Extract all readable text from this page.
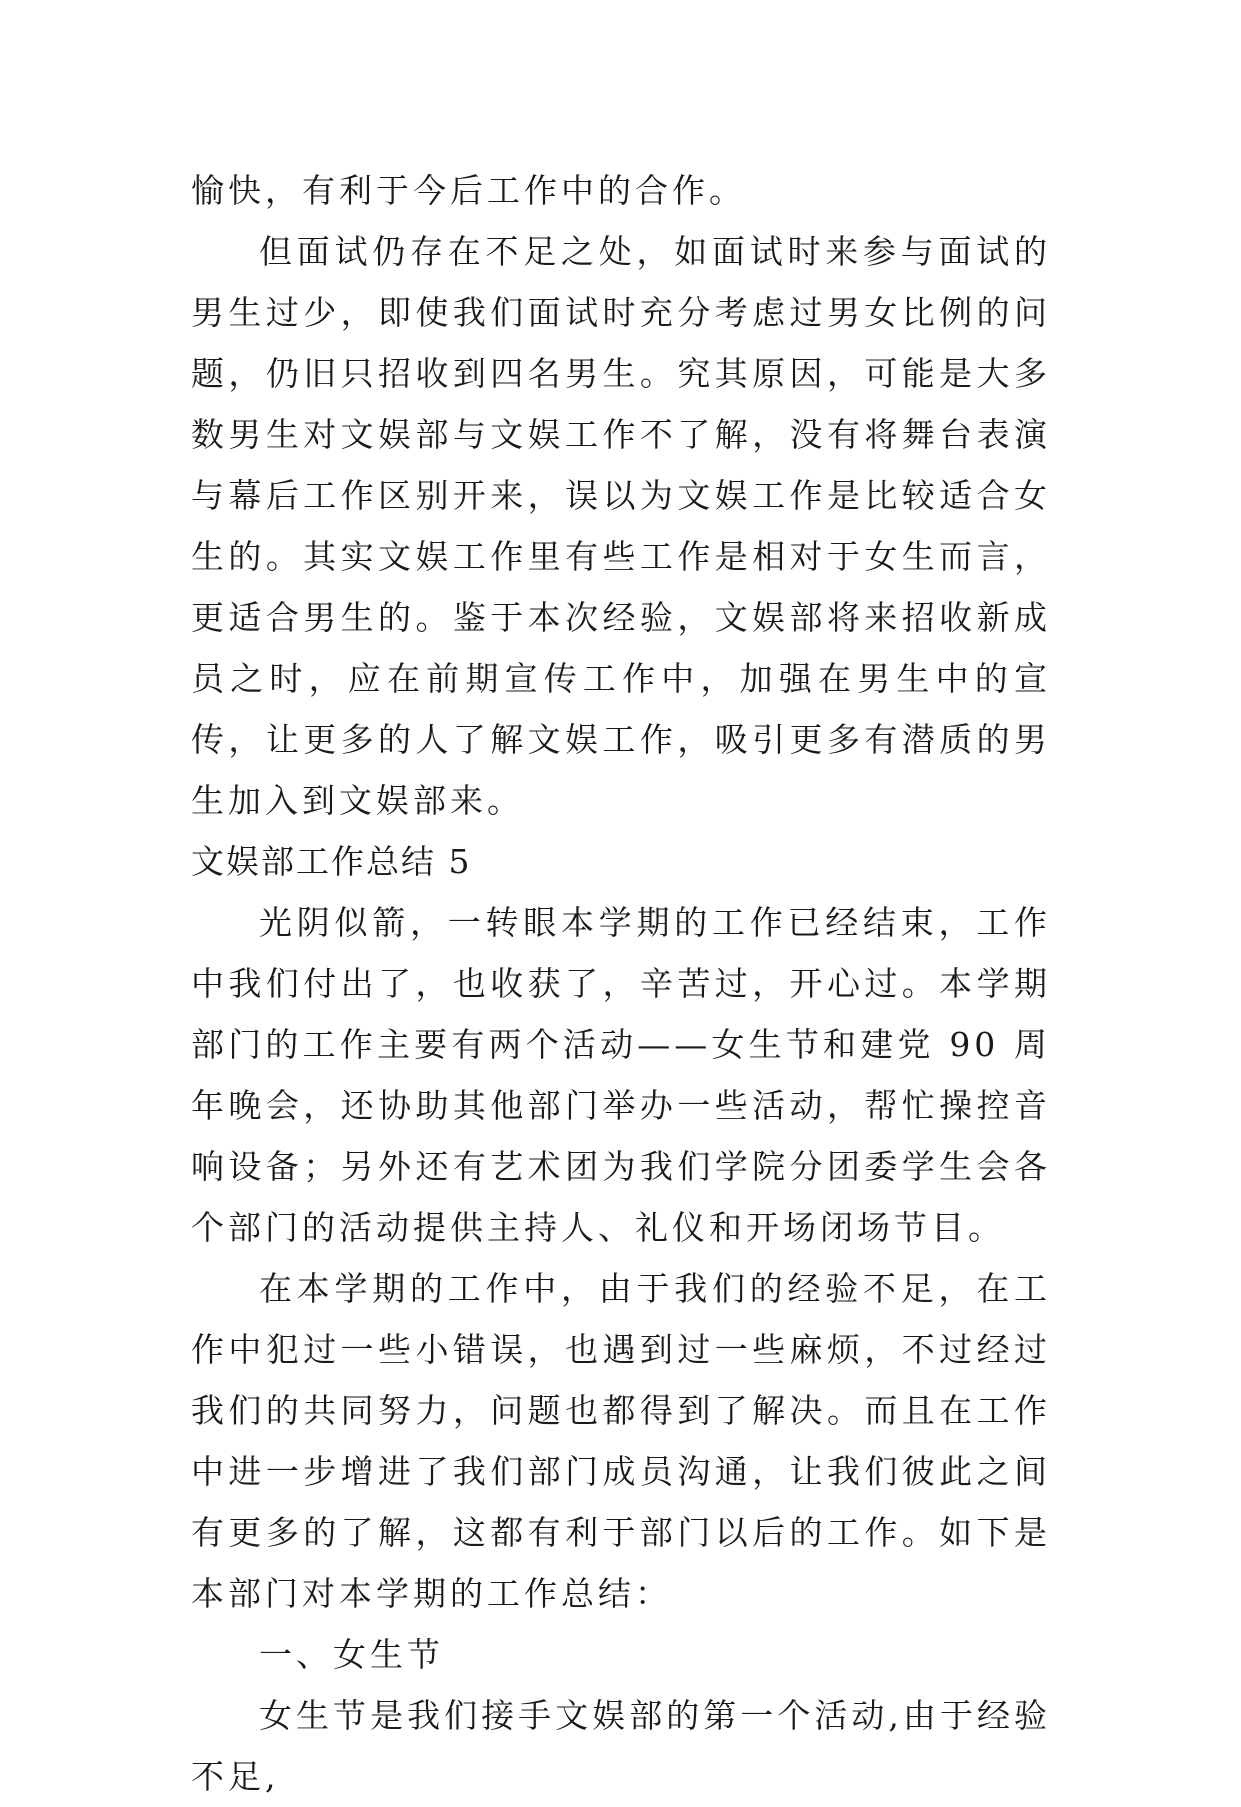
愉快，有利于今后工作中的合作。

但面试仍存在不足之处，如面试时来参与面试的男生过少，即使我们面试时充分考虑过男女比例的问题，仍旧只招收到四名男生。究其原因，可能是大多数男生对文娱部与文娱工作不了解，没有将舞台表演与幕后工作区别开来，误以为文娱工作是比较适合女生的。其实文娱工作里有些工作是相对于女生而言，更适合男生的。鉴于本次经验，文娱部将来招收新成员之时，应在前期宣传工作中，加强在男生中的宣传，让更多的人了解文娱工作，吸引更多有潜质的男生加入到文娱部来。

文娱部工作总结 5

光阴似箭，一转眼本学期的工作已经结束，工作中我们付出了，也收获了，辛苦过，开心过。本学期部门的工作主要有两个活动——女生节和建党 90 周年晚会，还协助其他部门举办一些活动，帮忙操控音响设备；另外还有艺术团为我们学院分团委学生会各个部门的活动提供主持人、礼仪和开场闭场节目。

在本学期的工作中，由于我们的经验不足，在工作中犯过一些小错误，也遇到过一些麻烦，不过经过我们的共同努力，问题也都得到了解决。而且在工作中进一步增进了我们部门成员沟通，让我们彼此之间有更多的了解，这都有利于部门以后的工作。如下是本部门对本学期的工作总结：

一、女生节

女生节是我们接手文娱部的第一个活动,由于经验不足,
